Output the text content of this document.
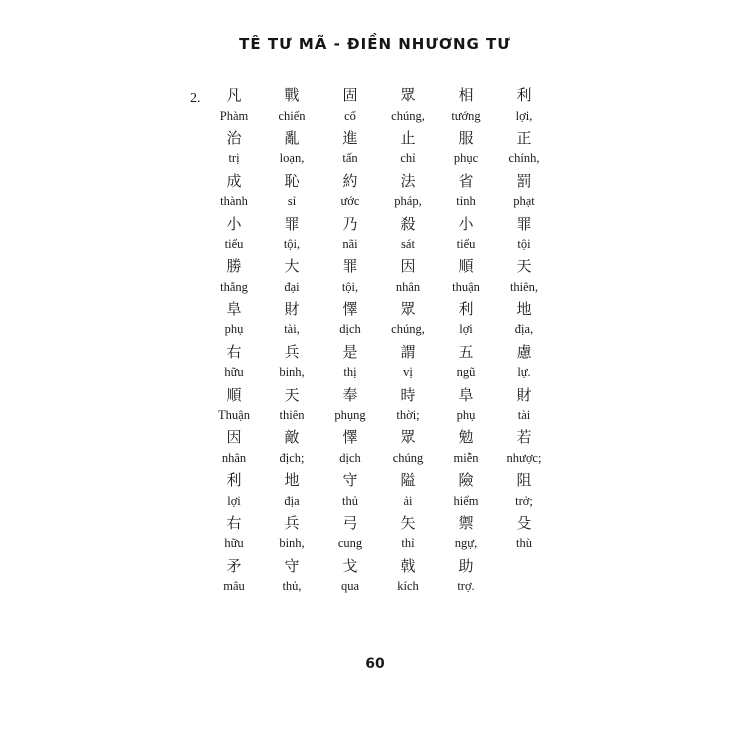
TÊ TƯ MÃ - ĐIỀN NHƯƠNG TƯ
2.	凡	戰	固	眾	相	利
Phàm	chiến	cố	chúng,	tướng	lợi,
治	亂	進	止	服	正
trị	loạn,	tấn	chỉ	phục	chính,
成	恥	約	法	省	罰
thành	sỉ	ước	pháp,	tỉnh	phạt
小	罪	乃	殺	小	罪
tiểu	tội,	nãi	sát	tiểu	tội
勝	大	罪	因	順	天
thắng	đại	tội,	nhân	thuận	thiên,
阜	財	懌	眾	利	地
phụ	tài,	dịch	chúng,	lợi	địa,
右	兵	是	謂	五	慮
hữu	binh,	thị	vị	ngũ	lự.
順	天	奉	時	阜	財
Thuận	thiên	phụng	thời;	phụ	tài
因	敵	懌	眾	勉	若
nhân	địch;	dịch	chúng	miễn	nhược;
利	地	守	隘	險	阻
lợi	địa	thủ	ải	hiểm	trở;
右	兵	弓	矢	禦	殳
hữu	binh,	cung	thỉ	ngự,	thù
矛	守	戈	戟	助
mâu	thủ,	qua	kích	trợ.
60
